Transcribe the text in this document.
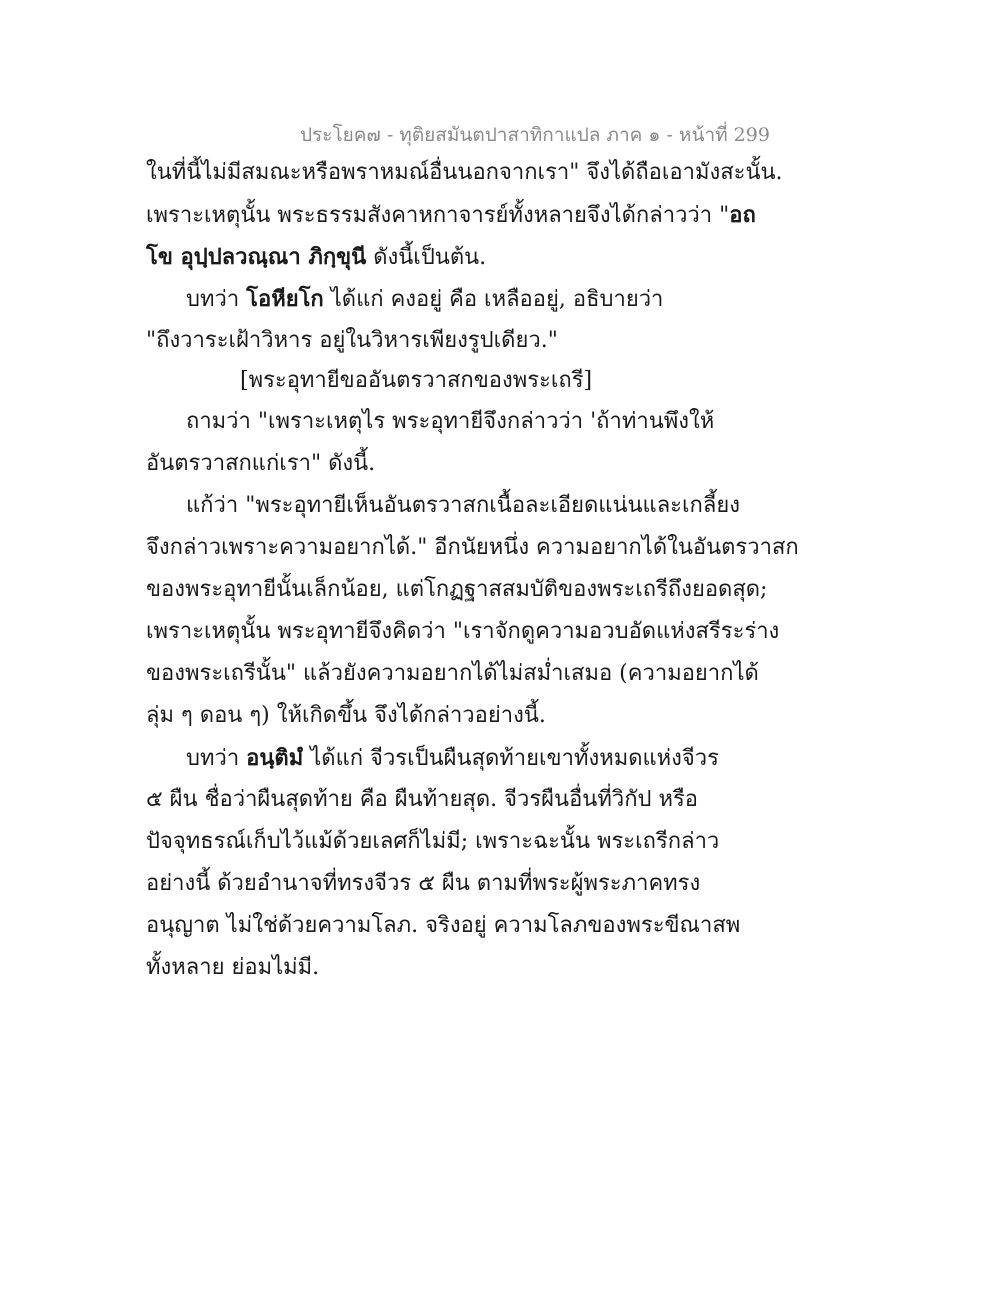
ประโยค๗ - ทุติยสมันตปาสาทิกาแปล ภาค ๑ - หน้าที่ 299
ในที่นี้ไม่มีสมณะหรือพราหมณ์อื่นนอกจากเรา" จึงได้ถือเอามังสะนั้น.
เพราะเหตุนั้น พระธรรมสังคาหกาจารย์ทั้งหลายจึงได้กล่าวว่า "อถ
โข อุปฺปลวณฺณา ภิกฺขุนี ดังนี้เป็นต้น.
บทว่า โอหียโก ได้แก่ คงอยู่ คือ เหลืออยู่, อธิบายว่า
"ถึงวาระเฝ้าวิหาร อยู่ในวิหารเพียงรูปเดียว."
[พระอุทายีขออันตรวาสกของพระเถรี]
ถามว่า "เพราะเหตุไร พระอุทายีจึงกล่าวว่า 'ถ้าท่านพึงให้
อันตรวาสกแก่เรา" ดังนี้.
แก้ว่า "พระอุทายีเห็นอันตรวาสกเนื้อละเอียดแน่นและเกลี้ยง
จึงกล่าวเพราะความอยากได้." อีกนัยหนึ่ง ความอยากได้ในอันตรวาสก
ของพระอุทายีนั้นเล็กน้อย, แต่โกฏฐาสสมบัติของพระเถรีถึงยอดสุด;
เพราะเหตุนั้น พระอุทายีจึงคิดว่า "เราจักดูความอวบอัดแห่งสรีระร่าง
ของพระเถรีนั้น" แล้วยังความอยากได้ไม่สม่ำเสมอ (ความอยากได้
ลุ่ม ๆ ดอน ๆ) ให้เกิดขึ้น จึงได้กล่าวอย่างนี้.
บทว่า อนฺติมํ ได้แก่ จีวรเป็นผืนสุดท้ายเขาทั้งหมดแห่งจีวร
๕ ผืน ชื่อว่าผืนสุดท้าย คือ ผืนท้ายสุด. จีวรผืนอื่นที่วิกัป หรือ
ปัจจุทธรณ์เก็บไว้แม้ด้วยเลศก็ไม่มี; เพราะฉะนั้น พระเถรีกล่าว
อย่างนี้ ด้วยอำนาจที่ทรงจีวร ๕ ผืน ตามที่พระผู้พระภาคทรง
อนุญาต ไม่ใช่ด้วยความโลภ. จริงอยู่ ความโลภของพระขีณาสพ
ทั้งหลาย ย่อมไม่มี.
